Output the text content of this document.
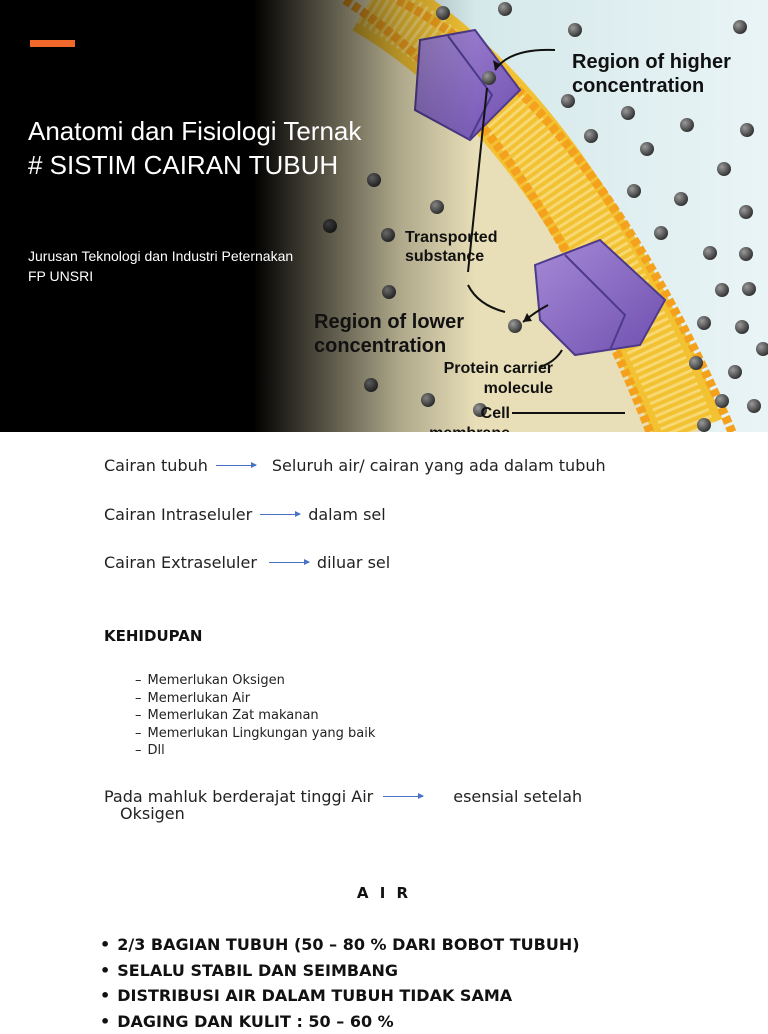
Anatomi dan Fisiologi Ternak
# SISTIM CAIRAN TUBUH
Jurusan Teknologi dan Industri Peternakan
FP UNSRI
Region of higher
concentration
Transported
substance
Region of lower
concentration
Protein carrier
molecule
Cell
Cairan tubuh	Seluruh air/ cairan yang ada dalam tubuh
Cairan Intraseluler	dalam sel
Cairan Extraseluler	diluar sel
KEHIDUPAN
– Memerlukan Oksigen
– Memerlukan Air
– Memerlukan Zat makanan
– Memerlukan Lingkungan yang baik
– Dll
Pada mahluk berderajat tinggi Air	esensial setelah
Oksigen
A I R
• 2/3 BAGIAN TUBUH (50 – 80 % DARI BOBOT TUBUH)
• SELALU STABIL DAN SEIMBANG
• DISTRIBUSI AIR DALAM TUBUH TIDAK SAMA
• DAGING DAN KULIT : 50 – 60 %
